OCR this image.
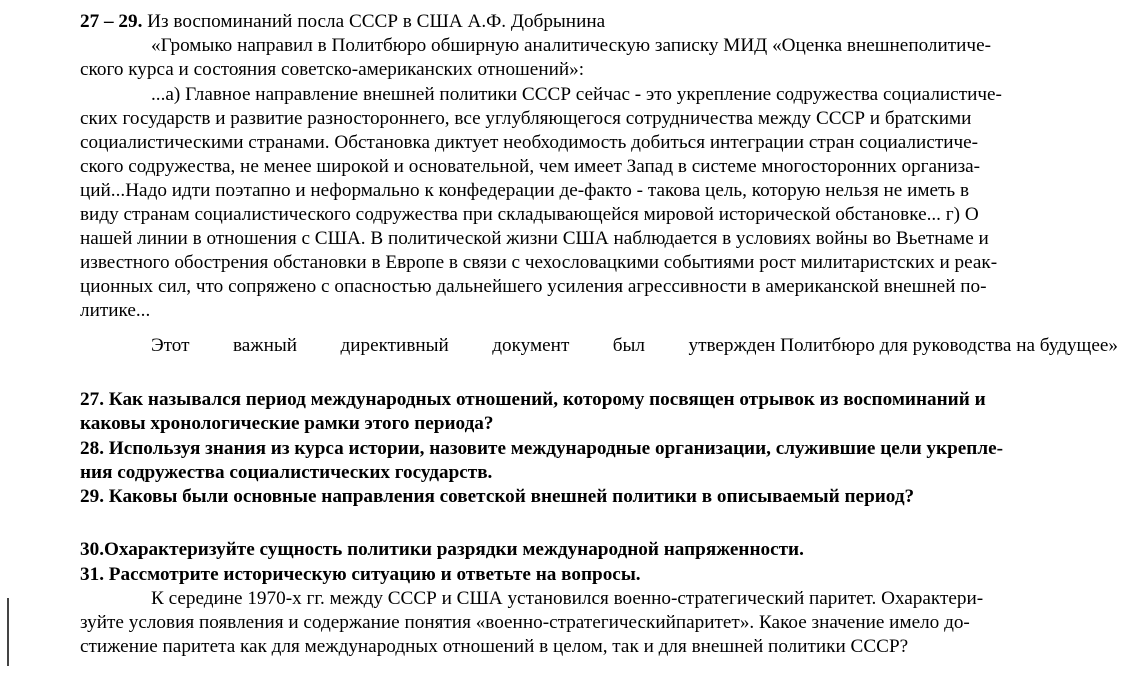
27 – 29. Из воспоминаний посла СССР в США А.Ф. Добрынина
«Громыко направил в Политбюро обширную аналитическую записку МИД «Оценка внешнеполитиче-
ского курса и состояния советско-американских отношений»:
...а) Главное направление внешней политики СССР сейчас - это укрепление содружества социалистиче-
ских государств и развитие разностороннего, все углубляющегося сотрудничества между СССР и братскими
социалистическими странами. Обстановка диктует необходимость добиться интеграции стран социалистиче-
ского содружества, не менее широкой и основательной, чем имеет Запад в системе многосторонних организа-
ций...Надо идти поэтапно и неформально к конфедерации де-факто - такова цель, которую нельзя не иметь в
виду странам социалистического содружества при складывающейся мировой исторической обстановке... г) О
нашей линии в отношения с США. В политической жизни США наблюдается в условиях войны во Вьетнаме и
известного обострения обстановки в Европе в связи с чехословацкими событиями рост милитаристских и реак-
ционных сил, что сопряжено с опасностью дальнейшего усиления агрессивности в американской внешней по-
литике...
Этот важный директивный документ был утвержден Политбюро для руководства на будущее»
27. Как назывался период международных отношений, которому посвящен отрывок из воспоминаний и
каковы хронологические рамки этого периода?
28. Используя знания из курса истории, назовите международные организации, служившие цели укрепле-
ния содружества социалистических государств.
29. Каковы были основные направления советской внешней политики в описываемый период?
30.Охарактеризуйте сущность политики разрядки международной напряженности.
31. Рассмотрите историческую ситуацию и ответьте на вопросы.
К середине 1970-х гг. между СССР и США установился военно-стратегический паритет. Охарактери-
зуйте условия появления и содержание понятия «военно-стратегическийпаритет». Какое значение имело до-
стижение паритета как для международных отношений в целом, так и для внешней политики СССР?
